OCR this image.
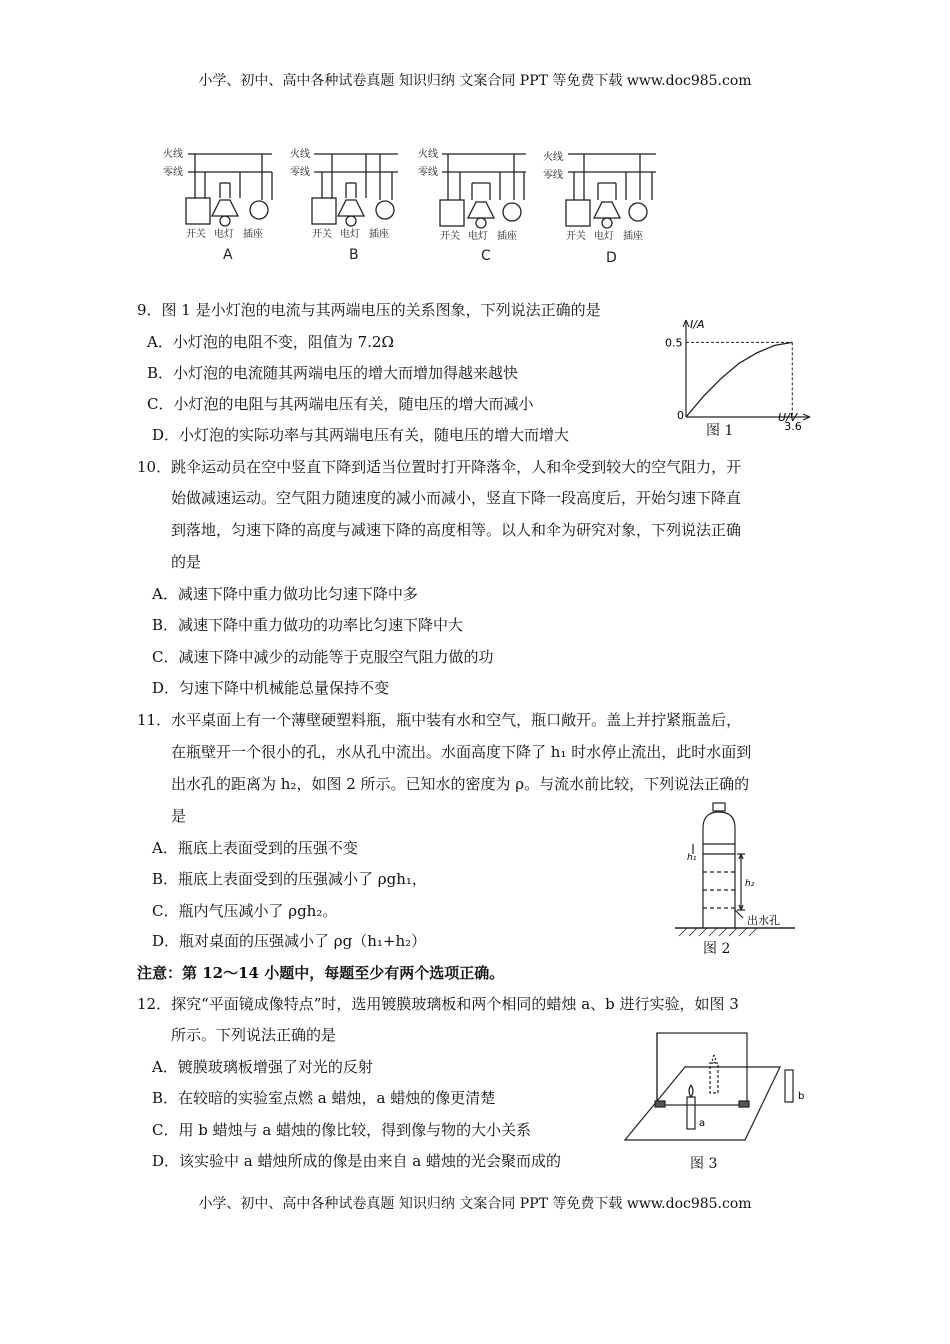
小学、初中、高中各种试卷真题 知识归纳 文案合同 PPT 等免费下载 www.doc985.com
火线
零线
火线
零线
火线
零线
火线
零线
开关 电灯 插座	开关 电灯 插座	开关 电灯 插座	开关 电灯 插座
A	B	C	D
9．图 1 是小灯泡的电流与其两端电压的关系图象，下列说法正确的是
A．小灯泡的电阻不变，阻值为 7.2Ω
B．小灯泡的电流随其两端电压的增大而增加得越来越快
C．小灯泡的电阻与其两端电压有关，随电压的增大而减小
D．小灯泡的实际功率与其两端电压有关，随电压的增大而增大
I/A
U/V
0
3.6
0.5
图 1
10．跳伞运动员在空中竖直下降到适当位置时打开降落伞，人和伞受到较大的空气阻力，开
始做减速运动。空气阻力随速度的减小而减小，竖直下降一段高度后，开始匀速下降直
到落地，匀速下降的高度与减速下降的高度相等。以人和伞为研究对象，下列说法正确
的是
A．减速下降中重力做功比匀速下降中多
B．减速下降中重力做功的功率比匀速下降中大
C．减速下降中减少的动能等于克服空气阻力做的功
D．匀速下降中机械能总量保持不变
11．水平桌面上有一个薄壁硬塑料瓶，瓶中装有水和空气，瓶口敞开。盖上并拧紧瓶盖后，
在瓶壁开一个很小的孔，水从孔中流出。水面高度下降了 h₁ 时水停止流出，此时水面到
出水孔的距离为 h₂，如图 2 所示。已知水的密度为 ρ。与流水前比较，下列说法正确的
是
A．瓶底上表面受到的压强不变
B．瓶底上表面受到的压强减小了 ρgh₁，
C．瓶内气压减小了 ρgh₂。
D．瓶对桌面的压强减小了 ρg（h₁+h₂）
h₁
h₂
出水孔
图 2
注意：第 12～14 小题中，每题至少有两个选项正确。
12．探究“平面镜成像特点”时，选用镀膜玻璃板和两个相同的蜡烛 a、b 进行实验，如图 3
所示。下列说法正确的是
A．镀膜玻璃板增强了对光的反射
B．在较暗的实验室点燃 a 蜡烛，a 蜡烛的像更清楚
C．用 b 蜡烛与 a 蜡烛的像比较，得到像与物的大小关系
D．该实验中 a 蜡烛所成的像是由来自 a 蜡烛的光会聚而成的
a
b
图 3
小学、初中、高中各种试卷真题 知识归纳 文案合同 PPT 等免费下载 www.doc985.com
